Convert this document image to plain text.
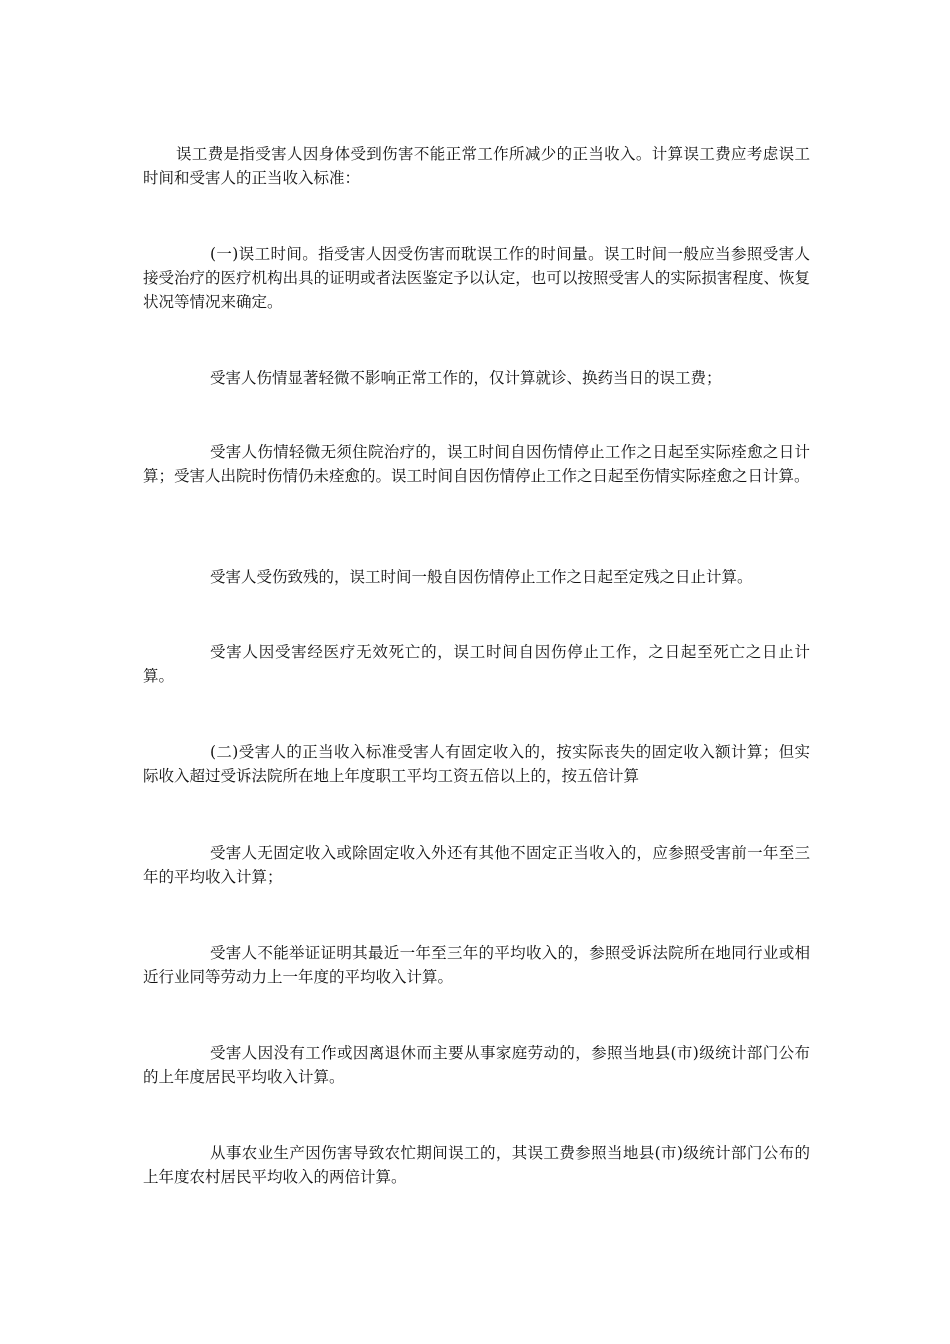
误工费是指受害人因身体受到伤害不能正常工作所减少的正当收入。计算误工费应考虑误工时间和受害人的正当收入标准：

(一)误工时间。指受害人因受伤害而耽误工作的时间量。误工时间一般应当参照受害人接受治疗的医疗机构出具的证明或者法医鉴定予以认定，也可以按照受害人的实际损害程度、恢复状况等情况来确定。

受害人伤情显著轻微不影响正常工作的，仅计算就诊、换药当日的误工费；

受害人伤情轻微无须住院治疗的，误工时间自因伤情停止工作之日起至实际痊愈之日计算；受害人出院时伤情仍未痊愈的。误工时间自因伤情停止工作之日起至伤情实际痊愈之日计算。

受害人受伤致残的，误工时间一般自因伤情停止工作之日起至定残之日止计算。

受害人因受害经医疗无效死亡的，误工时间自因伤停止工作，之日起至死亡之日止计算。

(二)受害人的正当收入标准受害人有固定收入的，按实际丧失的固定收入额计算；但实际收入超过受诉法院所在地上年度职工平均工资五倍以上的，按五倍计算

受害人无固定收入或除固定收入外还有其他不固定正当收入的，应参照受害前一年至三年的平均收入计算；

受害人不能举证证明其最近一年至三年的平均收入的，参照受诉法院所在地同行业或相近行业同等劳动力上一年度的平均收入计算。

受害人因没有工作或因离退休而主要从事家庭劳动的，参照当地县(市)级统计部门公布的上年度居民平均收入计算。

从事农业生产因伤害导致农忙期间误工的，其误工费参照当地县(市)级统计部门公布的上年度农村居民平均收入的两倍计算。
